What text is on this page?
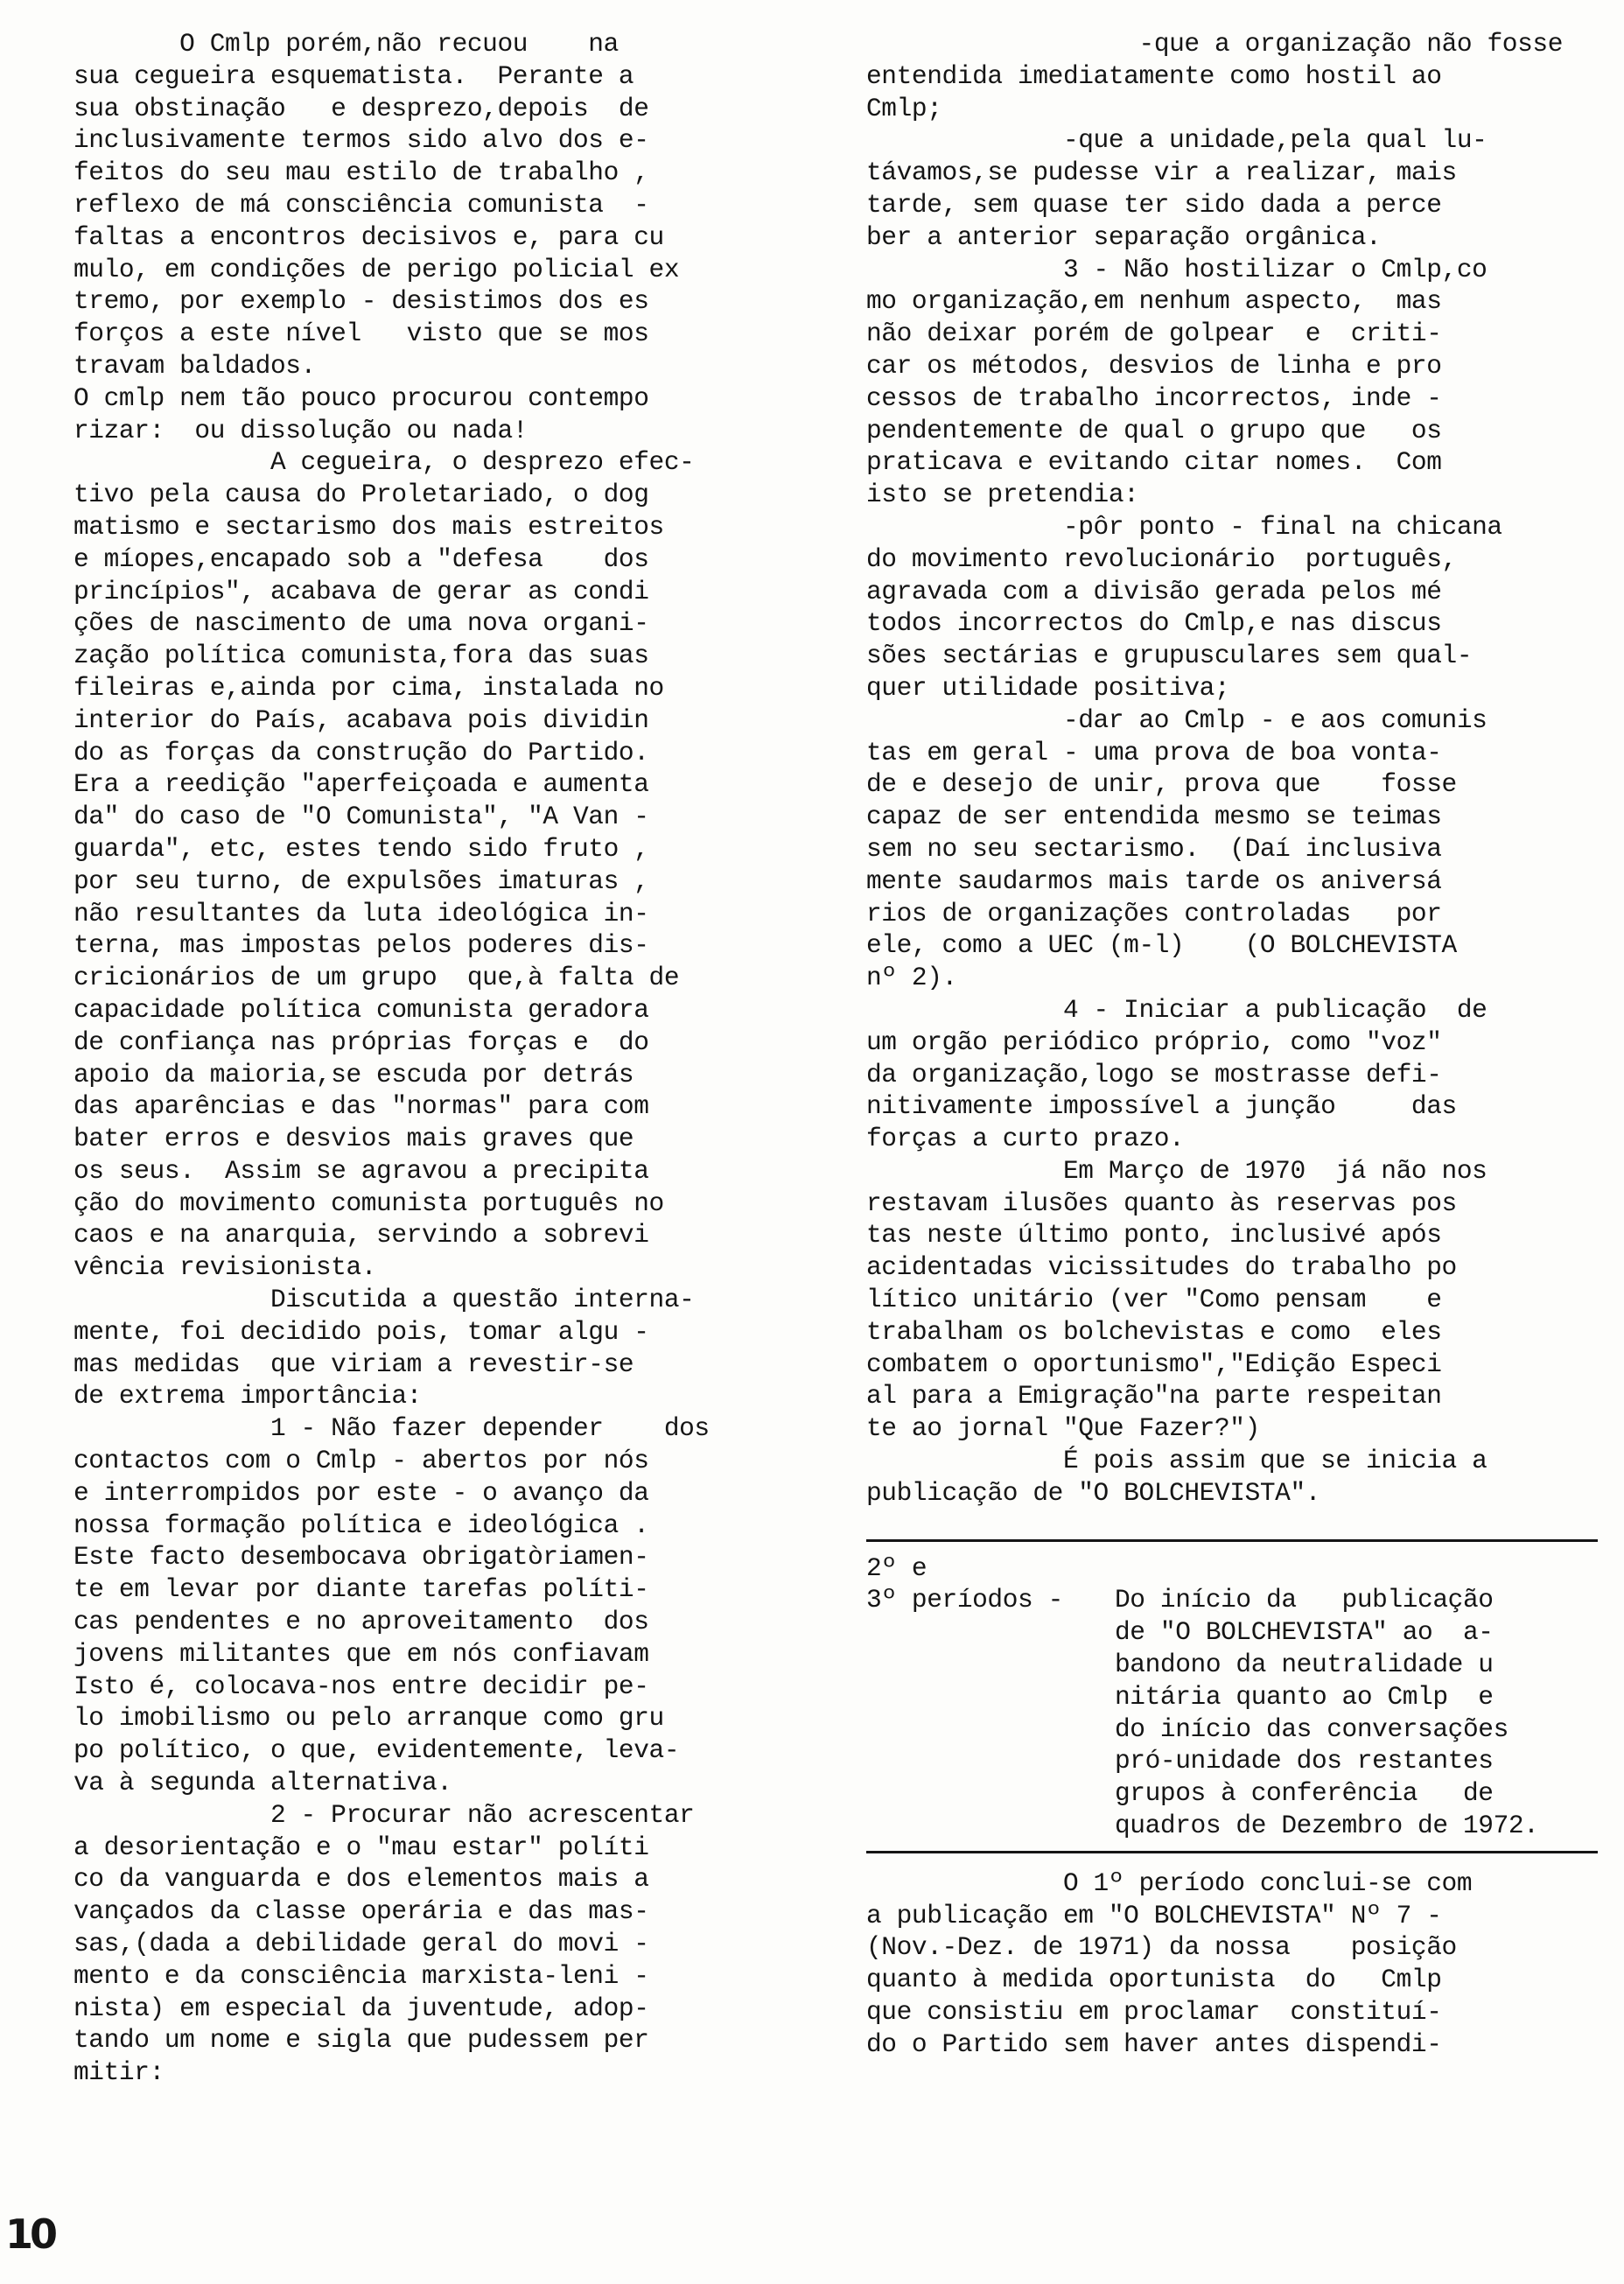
O Cmlp porém,não recuou    na
sua cegueira esquematista.  Perante a
sua obstinação   e desprezo,depois  de
inclusivamente termos sido alvo dos e-
feitos do seu mau estilo de trabalho ,
reflexo de má consciência comunista  -
faltas a encontros decisivos e, para cu
mulo, em condições de perigo policial ex
tremo, por exemplo - desistimos dos es
forços a este nível   visto que se mos
travam baldados.
O cmlp nem tão pouco procurou contempo
rizar:  ou dissolução ou nada!
A cegueira, o desprezo efec-
tivo pela causa do Proletariado, o dog
matismo e sectarismo dos mais estreitos
e míopes,encapado sob a "defesa    dos
princípios", acabava de gerar as condi
ções de nascimento de uma nova organi-
zação política comunista,fora das suas
fileiras e,ainda por cima, instalada no
interior do País, acabava pois dividin
do as forças da construção do Partido.
Era a reedição "aperfeiçoada e aumenta
da" do caso de "O Comunista", "A Van -
guarda", etc, estes tendo sido fruto ,
por seu turno, de expulsões imaturas ,
não resultantes da luta ideológica in-
terna, mas impostas pelos poderes dis-
cricionários de um grupo  que,à falta de
capacidade política comunista geradora
de confiança nas próprias forças e  do
apoio da maioria,se escuda por detrás
das aparências e das "normas" para com
bater erros e desvios mais graves que
os seus.  Assim se agravou a precipita
ção do movimento comunista português no
caos e na anarquia, servindo a sobrevi
vência revisionista.
Discutida a questão interna-
mente, foi decidido pois, tomar algu -
mas medidas  que viriam a revestir-se
de extrema importância:
1 - Não fazer depender    dos
contactos com o Cmlp - abertos por nós
e interrompidos por este - o avanço da
nossa formação política e ideológica .
Este facto desembocava obrigatòriamen-
te em levar por diante tarefas políti-
cas pendentes e no aproveitamento  dos
jovens militantes que em nós confiavam
Isto é, colocava-nos entre decidir pe-
lo imobilismo ou pelo arranque como gru
po político, o que, evidentemente, leva-
va à segunda alternativa.
2 - Procurar não acrescentar
a desorientação e o "mau estar" políti
co da vanguarda e dos elementos mais a
vançados da classe operária e das mas-
sas,(dada a debilidade geral do movi -
mento e da consciência marxista-leni -
nista) em especial da juventude, adop-
tando um nome e sigla que pudessem per
mitir:
-que a organização não fosse
entendida imediatamente como hostil ao
Cmlp;
-que a unidade,pela qual lu-
távamos,se pudesse vir a realizar, mais
tarde, sem quase ter sido dada a perce
ber a anterior separação orgânica.
3 - Não hostilizar o Cmlp,co
mo organização,em nenhum aspecto,  mas
não deixar porém de golpear  e  criti-
car os métodos, desvios de linha e pro
cessos de trabalho incorrectos, inde -
pendentemente de qual o grupo que   os
praticava e evitando citar nomes.  Com
isto se pretendia:
-pôr ponto - final na chicana
do movimento revolucionário  português,
agravada com a divisão gerada pelos mé
todos incorrectos do Cmlp,e nas discus
sões sectárias e grupusculares sem qual-
quer utilidade positiva;
-dar ao Cmlp - e aos comunis
tas em geral - uma prova de boa vonta-
de e desejo de unir, prova que    fosse
capaz de ser entendida mesmo se teimas
sem no seu sectarismo.  (Daí inclusiva
mente saudarmos mais tarde os aniversá
rios de organizações controladas   por
ele, como a UEC (m-l)    (O BOLCHEVISTA
nº 2).
4 - Iniciar a publicação  de
um orgão periódico próprio, como "voz"
da organização,logo se mostrasse defi-
nitivamente impossível a junção     das
forças a curto prazo.
Em Março de 1970  já não nos
restavam ilusões quanto às reservas pos
tas neste último ponto, inclusivé após
acidentadas vicissitudes do trabalho po
lítico unitário (ver "Como pensam    e
trabalham os bolchevistas e como  eles
combatem o oportunismo","Edição Especi
al para a Emigração"na parte respeitan
te ao jornal "Que Fazer?")
É pois assim que se inicia a
publicação de "O BOLCHEVISTA".
2º e
3º períodos -	Do início da   publicação
de "O BOLCHEVISTA" ao  a-
bandono da neutralidade u
nitária quanto ao Cmlp  e
do início das conversações
pró-unidade dos restantes
grupos à conferência   de
quadros de Dezembro de 1972.
O 1º período conclui-se com
a publicação em "O BOLCHEVISTA" Nº 7 -
(Nov.-Dez. de 1971) da nossa    posição
quanto à medida oportunista  do   Cmlp
que consistiu em proclamar  constituí-
do o Partido sem haver antes dispendi-
10
